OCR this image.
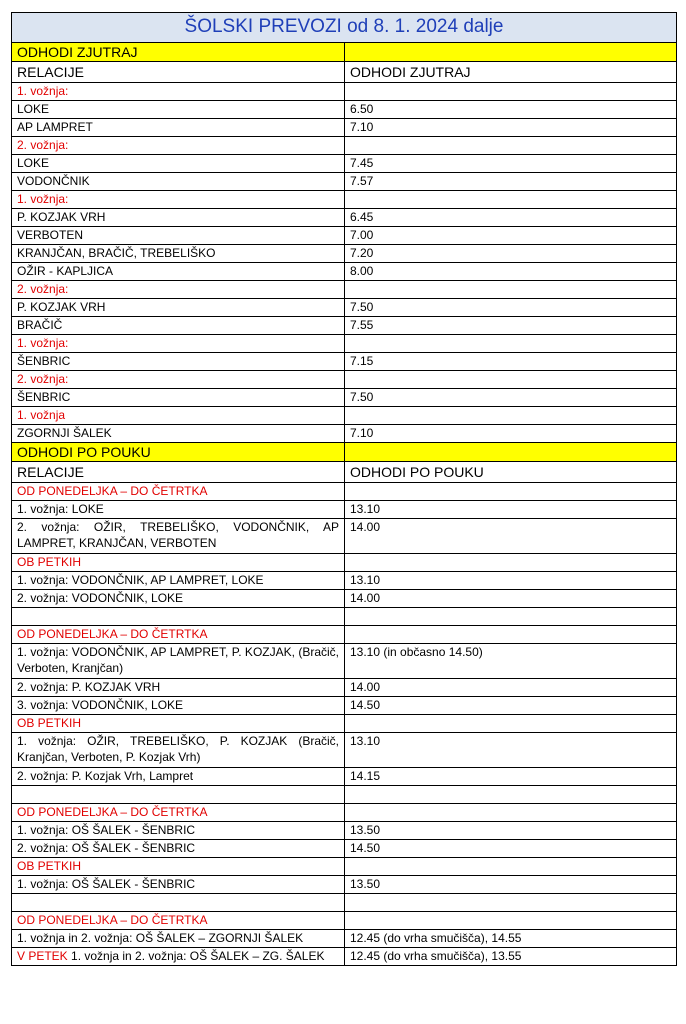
ŠOLSKI PREVOZI od 8. 1. 2024 dalje	
ODHODI ZJUTRAJ	
RELACIJE	ODHODI ZJUTRAJ
1. vožnja:	
LOKE	6.50
AP LAMPRET	7.10
2. vožnja:	
LOKE	7.45
VODONČNIK	7.57
1. vožnja:	
P. KOZJAK VRH	6.45
VERBOTEN	7.00
KRANJČAN, BRAČIČ, TREBELIŠKO	7.20
OŽIR - KAPLJICA	8.00
2. vožnja:	
P. KOZJAK VRH	7.50
BRAČIČ	7.55
1. vožnja:	
ŠENBRIC	7.15
2. vožnja:	
ŠENBRIC	7.50
1. vožnja	
ZGORNJI ŠALEK	7.10
ODHODI PO POUKU	
RELACIJE	ODHODI PO POUKU
OD PONEDELJKA – DO ČETRTKA	
1. vožnja: LOKE	13.10
2. vožnja: OŽIR, TREBELIŠKO, VODONČNIK, AP LAMPRET, KRANJČAN, VERBOTEN	14.00
OB PETKIH	
1. vožnja: VODONČNIK, AP LAMPRET, LOKE	13.10
2. vožnja: VODONČNIK, LOKE	14.00

OD PONEDELJKA – DO ČETRTKA	
1. vožnja: VODONČNIK, AP LAMPRET, P. KOZJAK, (Bračič, Verboten, Kranjčan)	13.10 (in občasno 14.50)
2. vožnja: P. KOZJAK VRH	14.00
3. vožnja: VODONČNIK, LOKE	14.50
OB PETKIH	
1. vožnja: OŽIR, TREBELIŠKO, P. KOZJAK (Bračič, Kranjčan, Verboten, P. Kozjak Vrh)	13.10
2. vožnja: P. Kozjak Vrh, Lampret	14.15

OD PONEDELJKA – DO ČETRTKA	
1. vožnja: OŠ ŠALEK - ŠENBRIC	13.50
2. vožnja: OŠ ŠALEK - ŠENBRIC	14.50
OB PETKIH	
1. vožnja: OŠ ŠALEK - ŠENBRIC	13.50

OD PONEDELJKA – DO ČETRTKA	
1. vožnja in 2. vožnja: OŠ ŠALEK – ZGORNJI ŠALEK	12.45 (do vrha smučišča), 14.55
V PETEK 1. vožnja in 2. vožnja: OŠ ŠALEK – ZG. ŠALEK	12.45 (do vrha smučišča), 13.55
